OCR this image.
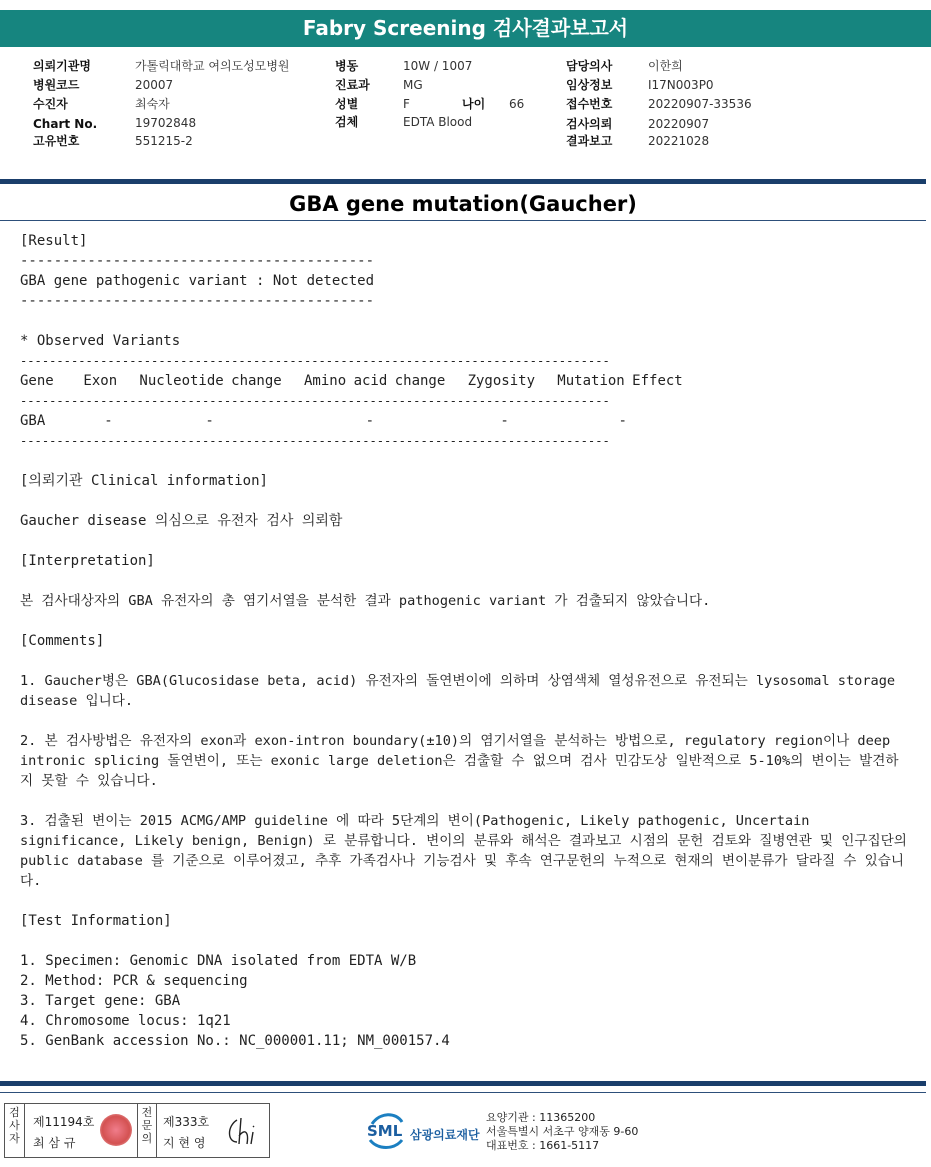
Fabry Screening 검사결과보고서
의뢰기관명	가톨릭대학교 여의도성모병원
병원코드	20007
수진자	최숙자
Chart No.	19702848
고유번호	551215-2
병동	10W / 1007
진료과	MG
성별	F	나이 66
검체	EDTA Blood
담당의사	이한희
임상정보	I17N003P0
접수번호	20220907-33536
검사의뢰	20220907
결과보고	20221028
GBA gene mutation(Gaucher)
[Result]
------------------------------------------
GBA gene pathogenic variant : Not detected
------------------------------------------
* Observed Variants
---------------------------------------------------------------------------------
Gene    Exon   Nucleotide change   Amino acid change   Zygosity   Mutation Effect
---------------------------------------------------------------------------------
GBA       -           -                  -               -             -
---------------------------------------------------------------------------------
[의뢰기관 Clinical information]
Gaucher disease 의심으로 유전자 검사 의뢰함
[Interpretation]
본 검사대상자의 GBA 유전자의 총 염기서열을 분석한 결과 pathogenic variant 가 검출되지 않았습니다.
[Comments]
1. Gaucher병은 GBA(Glucosidase beta, acid) 유전자의 돌연변이에 의하며 상염색체 열성유전으로 유전되는 lysosomal storage disease 입니다.
2. 본 검사방법은 유전자의 exon과 exon-intron boundary(±10)의 염기서열을 분석하는 방법으로, regulatory region이나 deep intronic splicing 돌연변이, 또는 exonic large deletion은 검출할 수 없으며 검사 민감도상 일반적으로 5-10%의 변이는 발견하지 못할 수 있습니다.
3. 검출된 변이는 2015 ACMG/AMP guideline 에 따라 5단계의 변이(Pathogenic, Likely pathogenic, Uncertain significance, Likely benign, Benign) 로 분류합니다. 변이의 분류와 해석은 결과보고 시점의 문헌 검토와 질병연관 및 인구집단의 public database 를 기준으로 이루어졌고, 추후 가족검사나 기능검사 및 후속 연구문헌의 누적으로 현재의 변이분류가 달라질 수 있습니다.
[Test Information]
1. Specimen: Genomic DNA isolated from EDTA W/B
2. Method: PCR & sequencing
3. Target gene: GBA
4. Chromosome locus: 1q21
5. GenBank accession No.: NC_000001.11; NM_000157.4
검사자
제11194호
최 삼 규
전문의
제333호
지 현 영
SML 삼광의료재단
요양기관 : 11365200
서울특별시 서초구 양재동 9-60
대표번호 : 1661-5117
